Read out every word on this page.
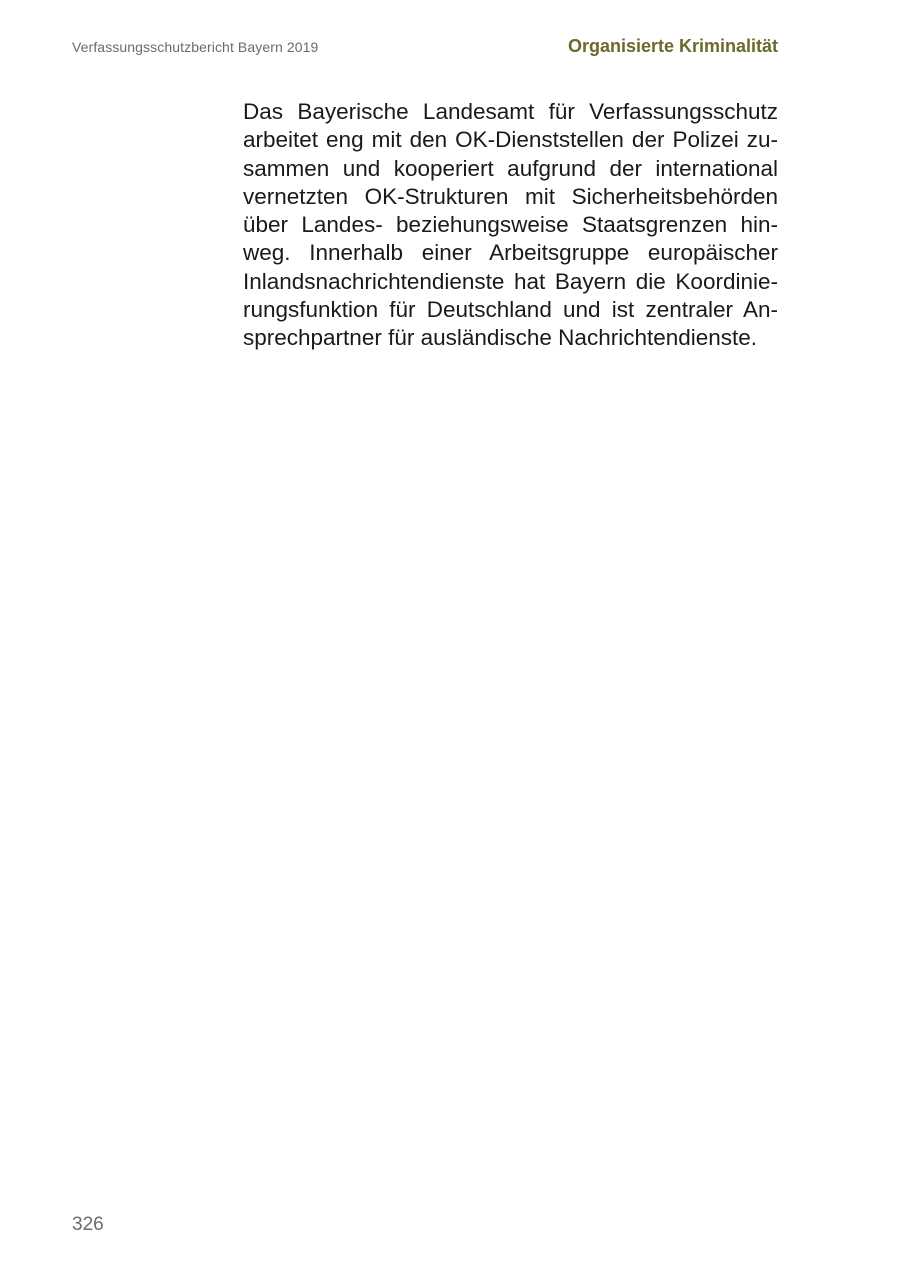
Verfassungsschutzbericht Bayern 2019	Organisierte Kriminalität

Das Bayerische Landesamt für Verfassungsschutz arbeitet eng mit den OK-Dienststellen der Polizei zusammen und kooperiert aufgrund der international vernetzten OK-Strukturen mit Sicherheitsbehörden über Landes- beziehungsweise Staatsgrenzen hinweg. Innerhalb einer Arbeitsgruppe europäischer Inlandsnachrichtendienste hat Bayern die Koordinierungsfunktion für Deutschland und ist zentraler Ansprechpartner für ausländische Nachrichtendienste.

326
